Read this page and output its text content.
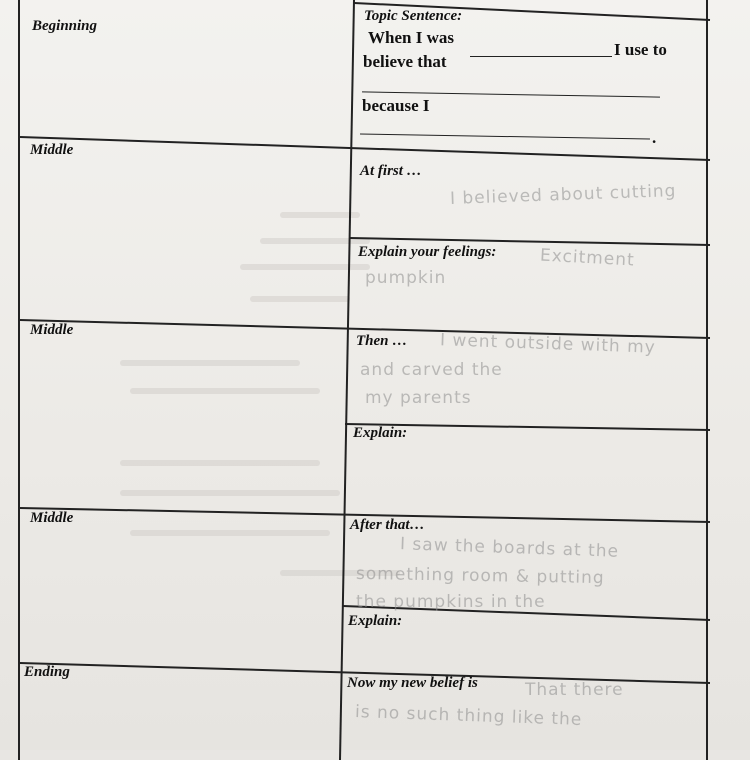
Beginning
Middle
Middle
Middle
Ending
Topic Sentence:
When I was
I use to
believe that
because I
.
At first …
Explain your feelings:
Then …
Explain:
After that…
Explain:
Now my new belief is
I believed about cutting
Excitment
pumpkin
I went outside with my
and carved the
my parents
I saw the boards at the
something room & putting
the pumpkins in the
That there
is no such thing like the
